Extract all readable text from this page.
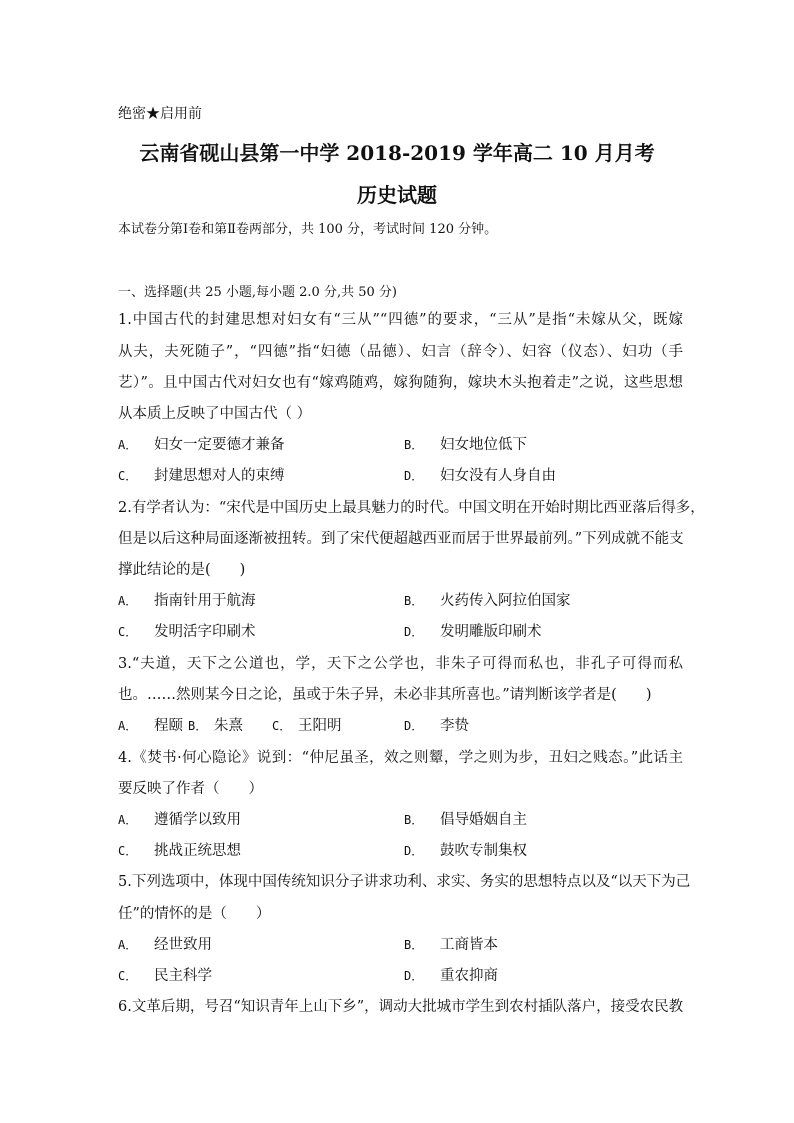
绝密★启用前
云南省砚山县第一中学 2018-2019 学年高二 10 月月考
历史试题
本试卷分第Ⅰ卷和第Ⅱ卷两部分，共 100 分，考试时间 120 分钟。
一、选择题(共 25 小题,每小题 2.0 分,共 50 分)
1.中国古代的封建思想对妇女有“三从”“四德”的要求，“三从”是指“未嫁从父，既嫁
从夫，夫死随子”，“四德”指“妇德（品德）、妇言（辞令）、妇容（仪态）、妇功（手
艺）”。且中国古代对妇女也有“嫁鸡随鸡，嫁狗随狗，嫁块木头抱着走”之说，这些思想
从本质上反映了中国古代（ ）
A． 妇女一定要德才兼备	B． 妇女地位低下
C． 封建思想对人的束缚	D． 妇女没有人身自由
2.有学者认为：“宋代是中国历史上最具魅力的时代。中国文明在开始时期比西亚落后得多，
但是以后这种局面逐渐被扭转。到了宋代便超越西亚而居于世界最前列。”下列成就不能支
撑此结论的是(　　)
A． 指南针用于航海	B． 火药传入阿拉伯国家
C． 发明活字印刷术	D． 发明雕版印刷术
3.“夫道，天下之公道也，学，天下之公学也，非朱子可得而私也，非孔子可得而私
也。……然则某今日之论，虽或于朱子异，未必非其所喜也。”请判断该学者是(　　)
A． 程颐 B． 朱熹 C． 王阳明	D． 李贽
4.《焚书·何心隐论》说到：“仲尼虽圣，效之则颦，学之则为步，丑妇之贱态。”此话主
要反映了作者（　　）
A． 遵循学以致用	B． 倡导婚姻自主
C． 挑战正统思想	D． 鼓吹专制集权
5.下列选项中，体现中国传统知识分子讲求功利、求实、务实的思想特点以及“以天下为己
任”的情怀的是（　　）
A． 经世致用	B． 工商皆本
C． 民主科学	D． 重农抑商
6.文革后期，号召“知识青年上山下乡”，调动大批城市学生到农村插队落户，接受农民教
